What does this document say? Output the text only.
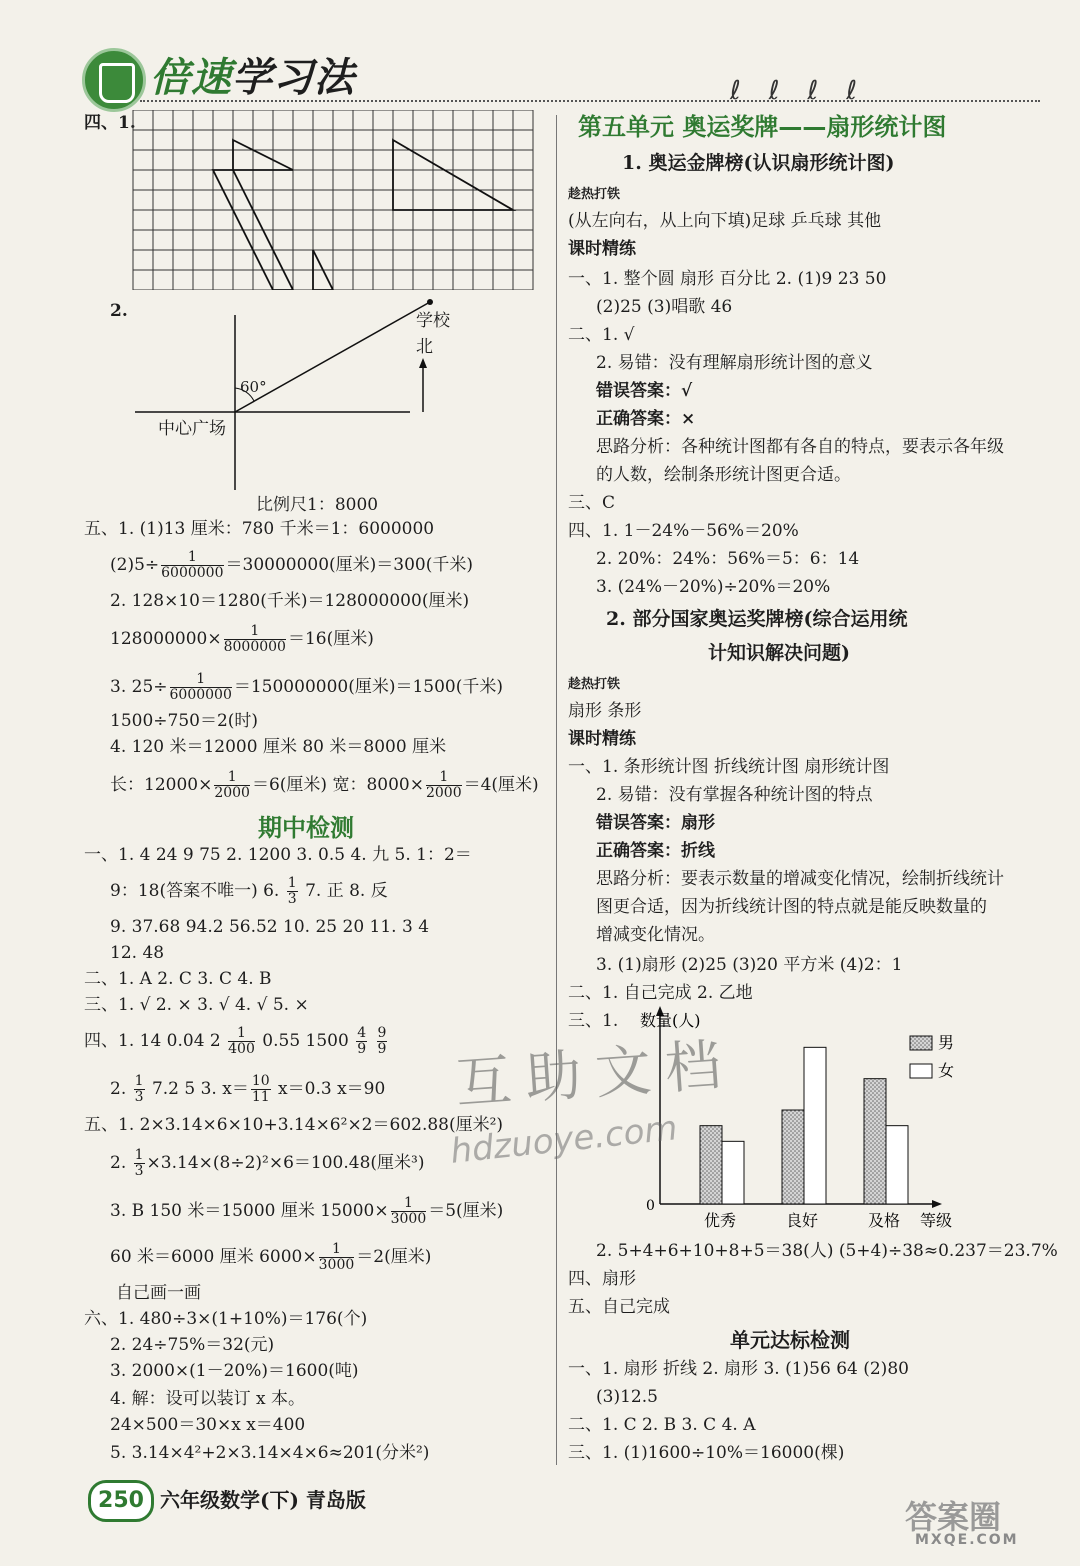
倍速学习法	ℓℓℓℓ
四、1.
2.	学校
北
60°
中心广场
比例尺1：8000
五、1. (1)13 厘米：780 千米＝1：6000000
$(2)5\div \frac{1}{6000000} =30000000$(厘米)＝300(千米)
2. 128×10＝1280(千米)＝128000000(厘米)
$128000000\times \frac{1}{8000000} =16$(厘米)
3. $25\div \frac{1}{6000000} =150000000$(厘米)＝1500(千米)
1500÷750＝2(时)
4. 120 米＝12000 厘米 80 米＝8000 厘米
长：$12000\times \frac{1}{2000} =6$(厘米) 宽：$8000\times \frac{1}{2000} =4$(厘米)
期中检测
一、1. 4 24 9 75 2. 1200 3. 0.5 4. 九 5. 1：2＝
9：18(答案不唯一) 6. $\frac{1}{3} 7$. 正 8. 反
9. 37.68 94.2 56.52 10. 25 20 11. 3 4
12. 48
二、1. A 2. C 3. C 4. B
三、1. √ 2. × 3. √ 4. √ 5. ×
四、1. 14 0.04 $2 \frac{1}{400} 0.55$ $1500 \frac{4}{9}$
$\frac{9}{9}$
2. $\frac{1}{3} 7.2$ 5 3. $x= \frac{10}{11} x=0.3$ x＝90
五、1. 2×3.14×6×10+3.14×6²×2＝602.88(厘米²)
2. $\frac{1}{3} \times 3.14\times(8\div 2)^2\times 6=100.48$(厘米³)
3. B 150 米＝15000 厘米 $15000\times \frac{1}{3000} =5$(厘米)
60 米＝6000 厘米 $6000\times \frac{1}{3000} =2$(厘米)
自己画一画
六、1. 480÷3×(1+10%)＝176(个)
2. 24÷75%＝32(元)
3. 2000×(1－20%)＝1600(吨)
4. 解：设可以装订 x 本。
24×500＝30×x x＝400
5. 3.14×4²+2×3.14×4×6≈201(分米²)
第五单元 奥运奖牌——扇形统计图
1. 奥运金牌榜(认识扇形统计图)
趁热打铁
(从左向右，从上向下填)足球 乒乓球 其他
课时精练
一、1. 整个圆 扇形 百分比 2. (1)9 23 50
(2)25 (3)唱歌 46
二、1. √
2. 易错：没有理解扇形统计图的意义
错误答案：√
正确答案：×
思路分析：各种统计图都有各自的特点，要表示各年级
的人数，绘制条形统计图更合适。
三、C
四、1. 1－24%－56%＝20%
2. 20%：24%：56%＝5：6：14
3. (24%－20%)÷20%＝20%
2. 部分国家奥运奖牌榜(综合运用统
计知识解决问题)
趁热打铁
扇形 条形
课时精练
一、1. 条形统计图 折线统计图 扇形统计图
2. 易错：没有掌握各种统计图的特点
错误答案：扇形
正确答案：折线
思路分析：要表示数量的增减变化情况，绘制折线统计
图更合适，因为折线统计图的特点就是能反映数量的
增减变化情况。
3. (1)扇形 (2)25 (3)20 平方米 (4)2：1
二、1. 自己完成 2. 乙地
三、1. 数量(人)
0
等级
优秀	良好	及格
男
女
2. 5+4+6+10+8+5＝38(人) (5+4)÷38≈0.237＝23.7%
四、扇形
五、自己完成
单元达标检测
一、1. 扇形 折线 2. 扇形 3. (1)56 64 (2)80
(3)12.5
二、1. C 2. B 3. C 4. A
三、1. (1)1600÷10%＝16000(棵)
互助文档
hdzuoye.com
答案圈
MXQE.COM
250 六年级数学(下) 青岛版
